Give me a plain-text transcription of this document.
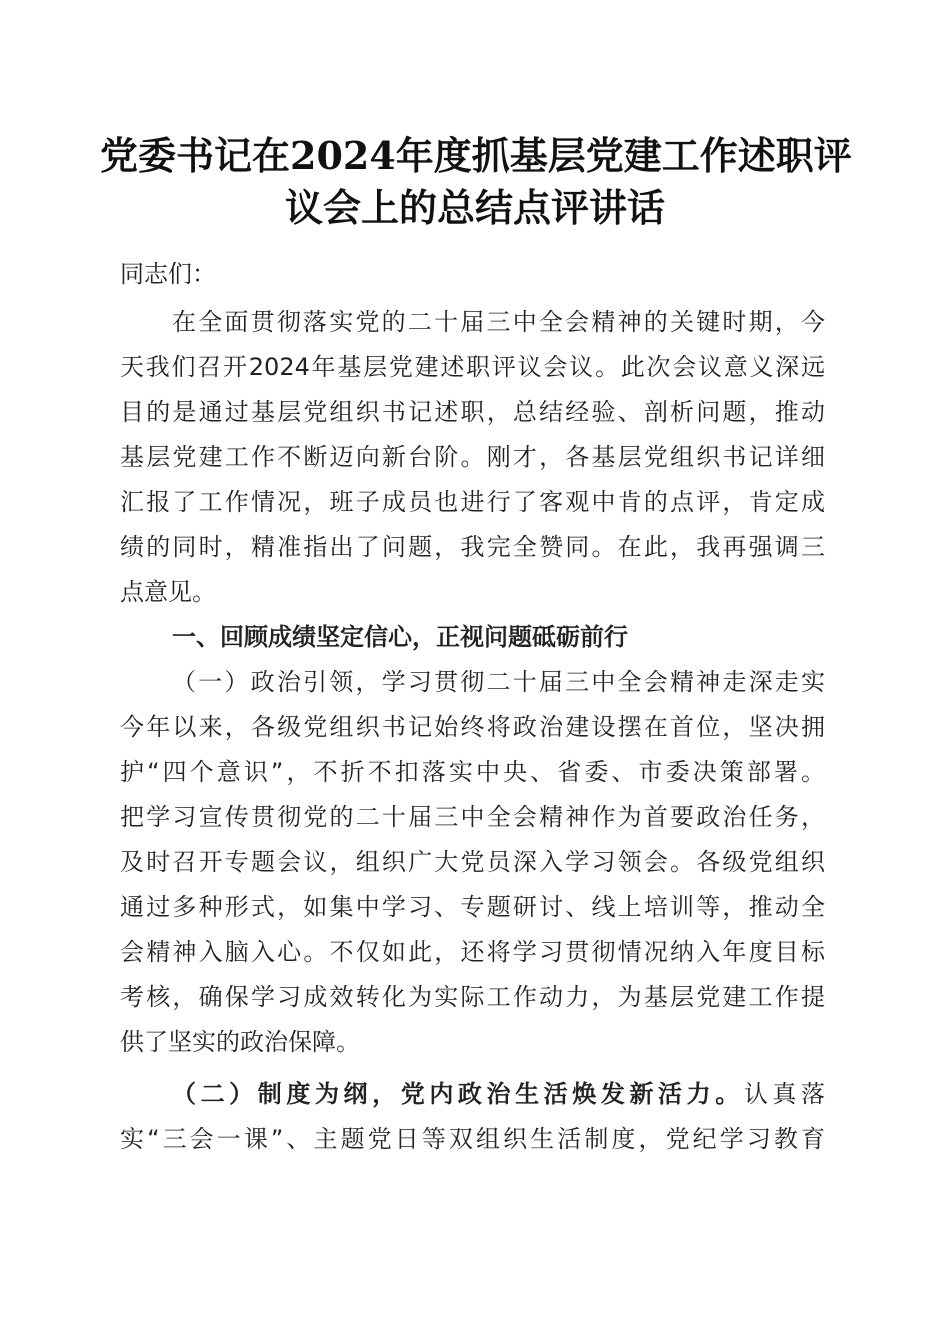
党委书记在2024年度抓基层党建工作述职评
议会上的总结点评讲话
同志们：
在全面贯彻落实党的二十届三中全会精神的关键时期，今
天我们召开2024年基层党建述职评议会议。此次会议意义深远
目的是通过基层党组织书记述职，总结经验、剖析问题，推动
基层党建工作不断迈向新台阶。刚才，各基层党组织书记详细
汇报了工作情况，班子成员也进行了客观中肯的点评，肯定成
绩的同时，精准指出了问题，我完全赞同。在此，我再强调三
点意见。
一、回顾成绩坚定信心，正视问题砥砺前行
（一）政治引领，学习贯彻二十届三中全会精神走深走实
今年以来，各级党组织书记始终将政治建设摆在首位，坚决拥
护“四个意识”，不折不扣落实中央、省委、市委决策部署。
把学习宣传贯彻党的二十届三中全会精神作为首要政治任务，
及时召开专题会议，组织广大党员深入学习领会。各级党组织
通过多种形式，如集中学习、专题研讨、线上培训等，推动全
会精神入脑入心。不仅如此，还将学习贯彻情况纳入年度目标
考核，确保学习成效转化为实际工作动力，为基层党建工作提
供了坚实的政治保障。
（二）制度为纲，党内政治生活焕发新活力。认真落
实“三会一课”、主题党日等双组织生活制度，党纪学习教育
